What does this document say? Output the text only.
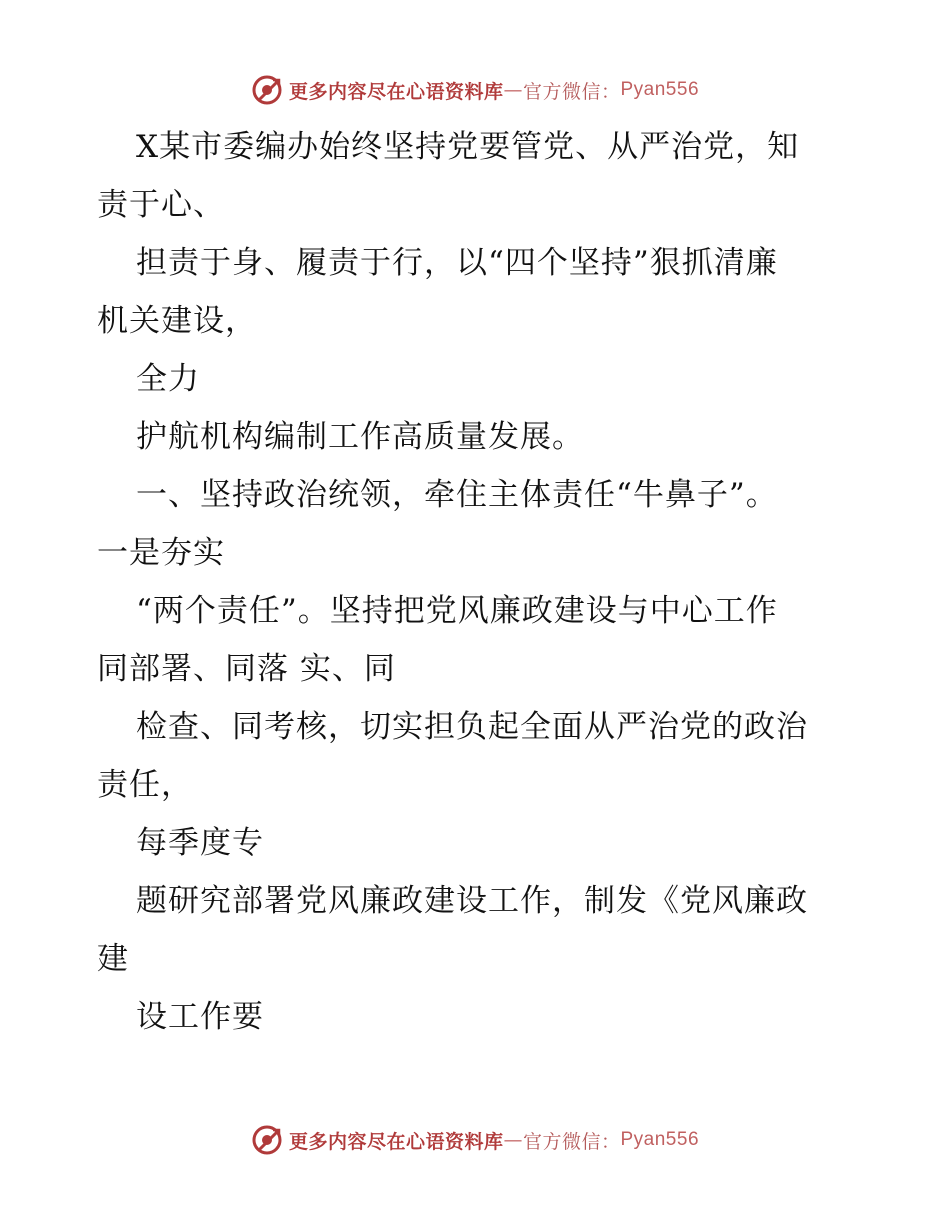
更多内容尽在心语资料库 — 官方微信： Pyan556
X某市委编办始终坚持党要管党、从严治党，知
责于心、
担责于身、履责于行，以“四个坚持”狠抓清廉
机关建设，
全力
护航机构编制工作高质量发展。
一、坚持政治统领，牵住主体责任“牛鼻子”。
一是夯实
“两个责任”。坚持把党风廉政建设与中心工作
同部署、同落 实、同
检查、同考核，切实担负起全面从严治党的政治
责任，
每季度专
题研究部署党风廉政建设工作，制发《党风廉政
建
设工作要
更多内容尽在心语资料库 — 官方微信： Pyan556
